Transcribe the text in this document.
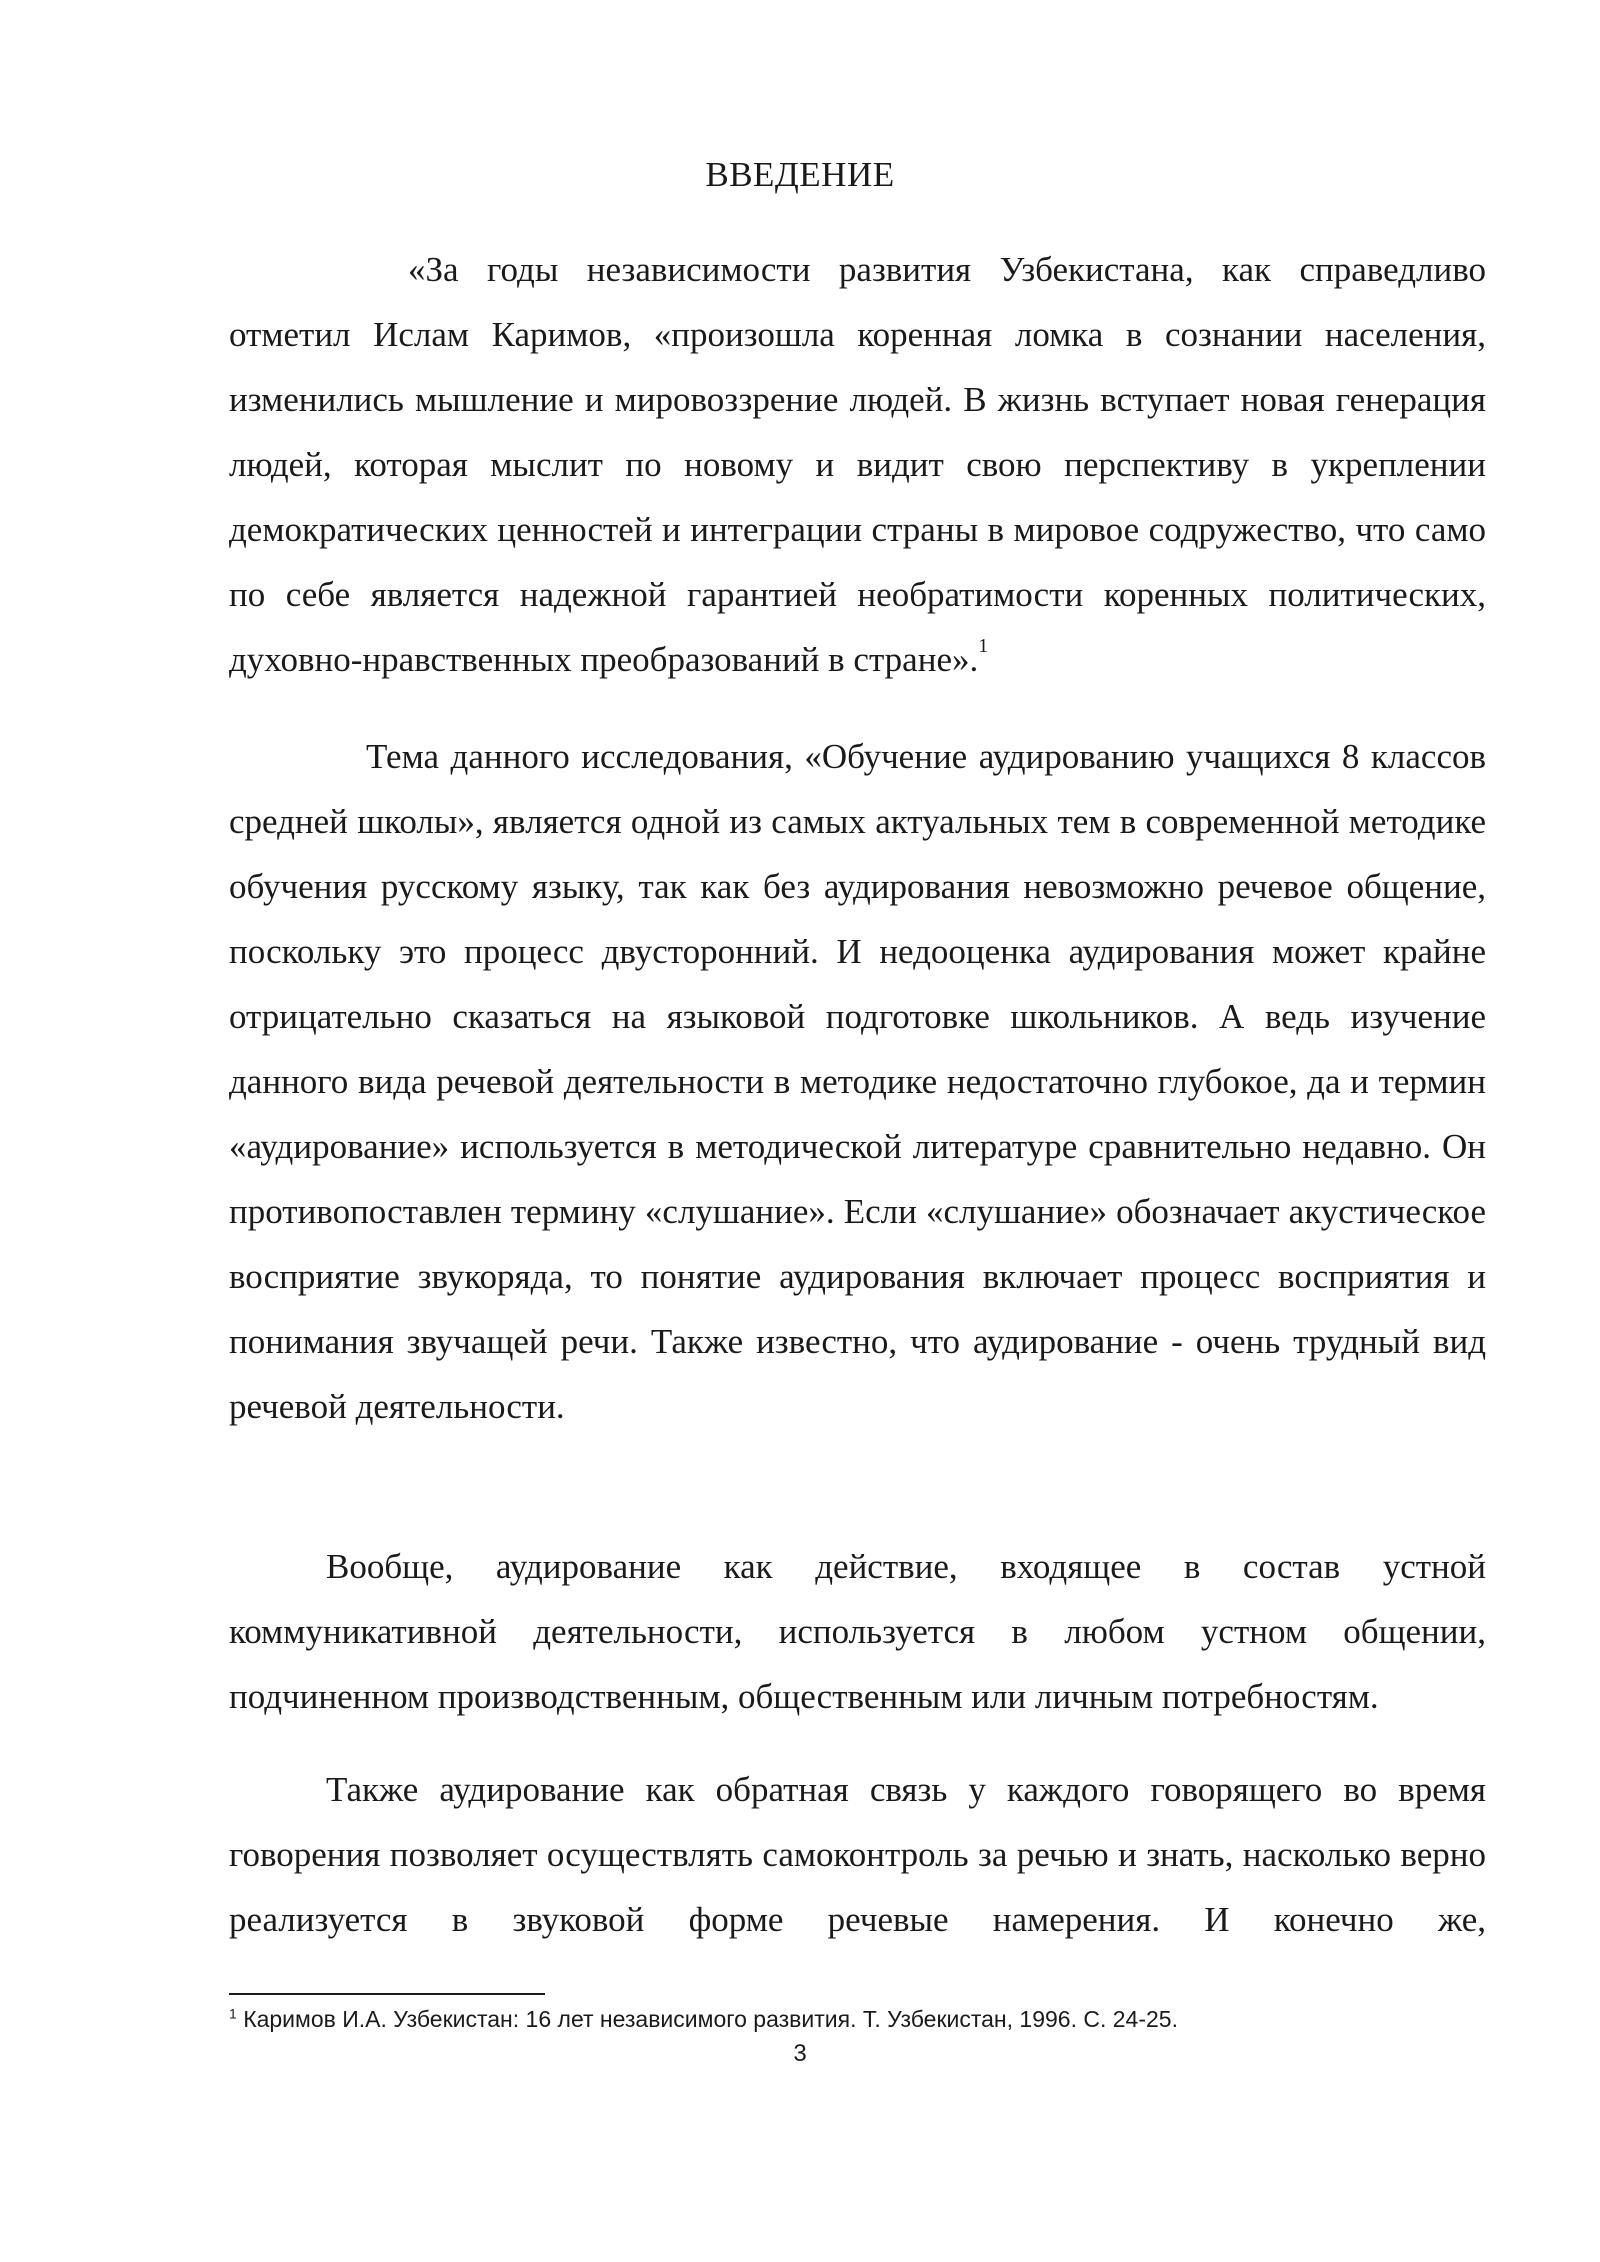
ВВЕДЕНИЕ

«За годы независимости развития Узбекистана, как справедливо отметил Ислам Каримов, «произошла коренная ломка в сознании населения, изменились мышление и мировоззрение людей. В жизнь вступает новая генерация людей, которая мыслит по новому и видит свою перспективу в укреплении демократических ценностей и интеграции страны в мировое содружество, что само по себе является надежной гарантией необратимости коренных политических, духовно-нравственных преобразований в стране».$^1$

Тема данного исследования, «Обучение аудированию учащихся 8 классов средней школы», является одной из самых актуальных тем в современной методике обучения русскому языку, так как без аудирования невозможно речевое общение, поскольку это процесс двусторонний. И недооценка аудирования может крайне отрицательно сказаться на языковой подготовке школьников. А ведь изучение данного вида речевой деятельности в методике недостаточно глубокое, да и термин «аудирование» используется в методической литературе сравнительно недавно. Он противопоставлен термину «слушание». Если «слушание» обозначает акустическое восприятие звукоряда, то понятие аудирования включает процесс восприятия и понимания звучащей речи. Также известно, что аудирование - очень трудный вид речевой деятельности.

Вообще, аудирование как действие, входящее в состав устной коммуникативной деятельности, используется в любом устном общении, подчиненном производственным, общественным или личным потребностям.

Также аудирование как обратная связь у каждого говорящего во время говорения позволяет осуществлять самоконтроль за речью и знать, насколько верно реализуется в звуковой форме речевые намерения. И конечно же,

$^1$ Каримов И.А. Узбекистан: 16 лет независимого развития. Т. Узбекистан, 1996. С. 24-25.
3
